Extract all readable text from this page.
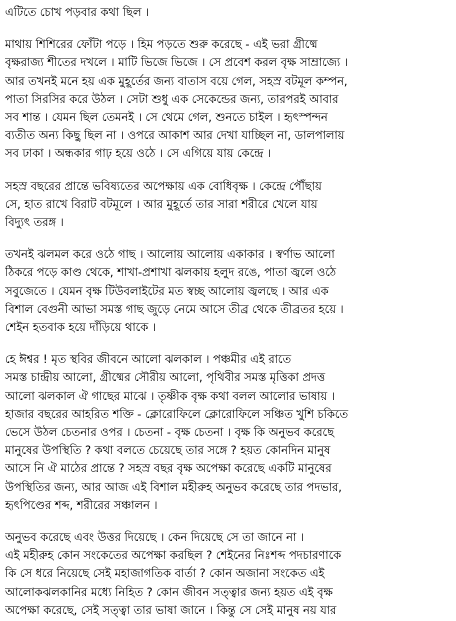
এটিতে চোখ পড়বার কথা ছিল ।
মাথায় শিশিরের ফোঁটা পড়ে । হিম পড়তে শুরু করেছে - এই ভরা গ্রীষ্মে
বৃক্ষরাজ্য শীতের দখলে । মাটি ভিজে ভিজে । সে প্রবেশ করল বৃক্ষ সাম্রাজ্যে ।
আর তখনই মনে হয় এক মুহূর্তের জন্য বাতাস বয়ে গেল, সহস্র বটমূল কম্পন,
পাতা সিরসির করে উঠল । সেটা শুধু এক সেকেন্ডের জন্য, তারপরই আবার
সব শান্ত । যেমন ছিল তেমনই । সে থেমে গেল, শুনতে চাইল । হৃৎস্পন্দন
ব্যতীত অন্য কিছু ছিল না । ওপরে আকাশ আর দেখা যাচ্ছিল না, ডালপালায়
সব ঢাকা । অন্ধকার গাঢ় হয়ে ওঠে । সে এগিয়ে যায় কেন্দ্রে ।
সহস্র বছরের প্রান্তে ভবিষ্যতের অপেক্ষায় এক বোধিবৃক্ষ । কেন্দ্রে পৌঁছায়
সে, হাত রাখে বিরাট বটমূলে । আর মুহূর্তে তার সারা শরীরে খেলে যায়
বিদ্যুৎ তরঙ্গ ।
তখনই ঝলমল করে ওঠে গাছ । আলোয় আলোয় একাকার । স্বর্ণাভ আলো
ঠিকরে পড়ে কাণ্ড থেকে, শাখা-প্রশাখা ঝলকায় হলুদ রঙে, পাতা জ্বলে ওঠে
সবুজেতে । যেমন বৃক্ষ টিউবলাইটের মত স্বচ্ছ আলোয় জ্বলছে । আর এক
বিশাল বেগুনী আভা সমস্ত গাছ জুড়ে নেমে আসে তীব্র থেকে তীব্রতর হয়ে ।
শেইন হতবাক হয়ে দাঁড়িয়ে থাকে ।
হে ঈশ্বর ! মৃত স্থবির জীবনে আলো ঝলকাল । পঞ্চমীর এই রাতে
সমস্ত চান্দ্রীয় আলো, গ্রীষ্মের সৌরীয় আলো, পৃথিবীর সমস্ত মৃত্তিকা প্রদত্ত
আলো ঝলকাল ঐ গাছের মাঝে । তৃষ্ণীক বৃক্ষ কথা বলল আলোর ভাষায় ।
হাজার বছরের আহরিত শক্তি - ক্লোরোফিলে ক্লোরোফিলে সঞ্চিত খুশি চকিতে
ভেসে উঠল চেতনার ওপর । চেতনা - বৃক্ষ চেতনা । বৃক্ষ কি অনুভব করেছে
মানুষের উপস্থিতি ? কথা বলতে চেয়েছে তার সঙ্গে ? হয়ত কোনদিন মানুষ
আসে নি ঐ মাঠের প্রান্তে ? সহস্র বছর বৃক্ষ অপেক্ষা করেছে একটি মানুষের
উপস্থিতির জন্য, আর আজ এই বিশাল মহীরুহ অনুভব করেছে তার পদভার,
হৃৎপিণ্ডের শব্দ, শরীরের সঞ্চালন ।
অনুভব করেছে এবং উত্তর দিয়েছে । কেন দিয়েছে সে তা জানে না ।
এই মহীরুহ কোন সংকেতের অপেক্ষা করছিল ? শেইনের নিঃশব্দ পদচারণাকে
কি সে ধরে নিয়েছে সেই মহাজাগতিক বার্তা ? কোন অজানা সংকেত এই
আলোকঝলকানির মধ্যে নিহিত ? কোন জীবন সত্ত্বার জন্য হয়ত এই বৃক্ষ
অপেক্ষা করেছে, সেই সত্ত্বা তার ভাষা জানে । কিন্তু সে সেই মানুষ নয় যার
